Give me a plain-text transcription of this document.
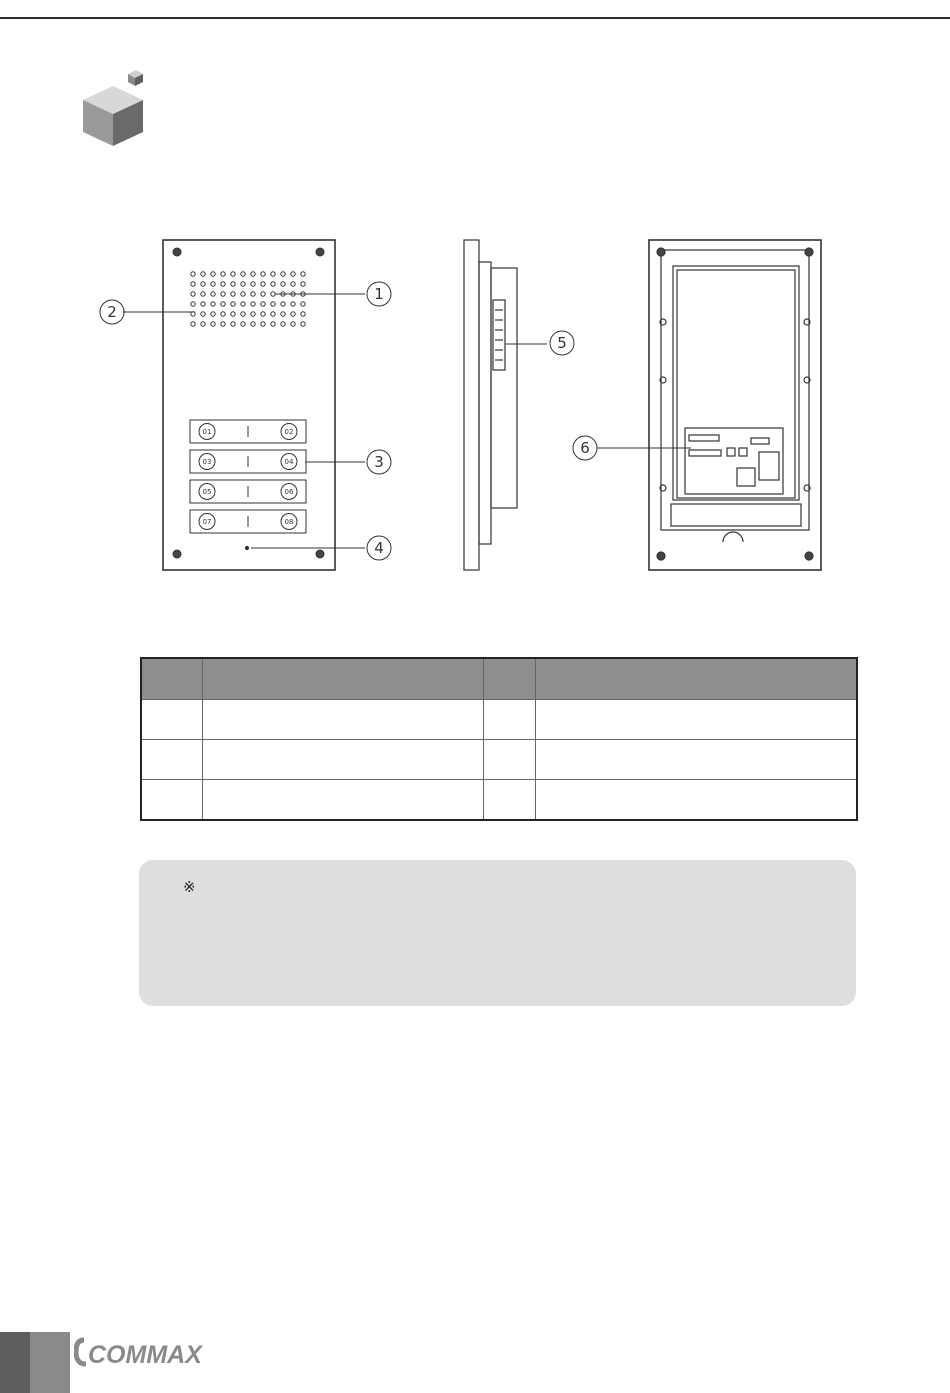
01	02
03	04
05	06
07	08
1
2
3
4
5
6

※
COMMAX
